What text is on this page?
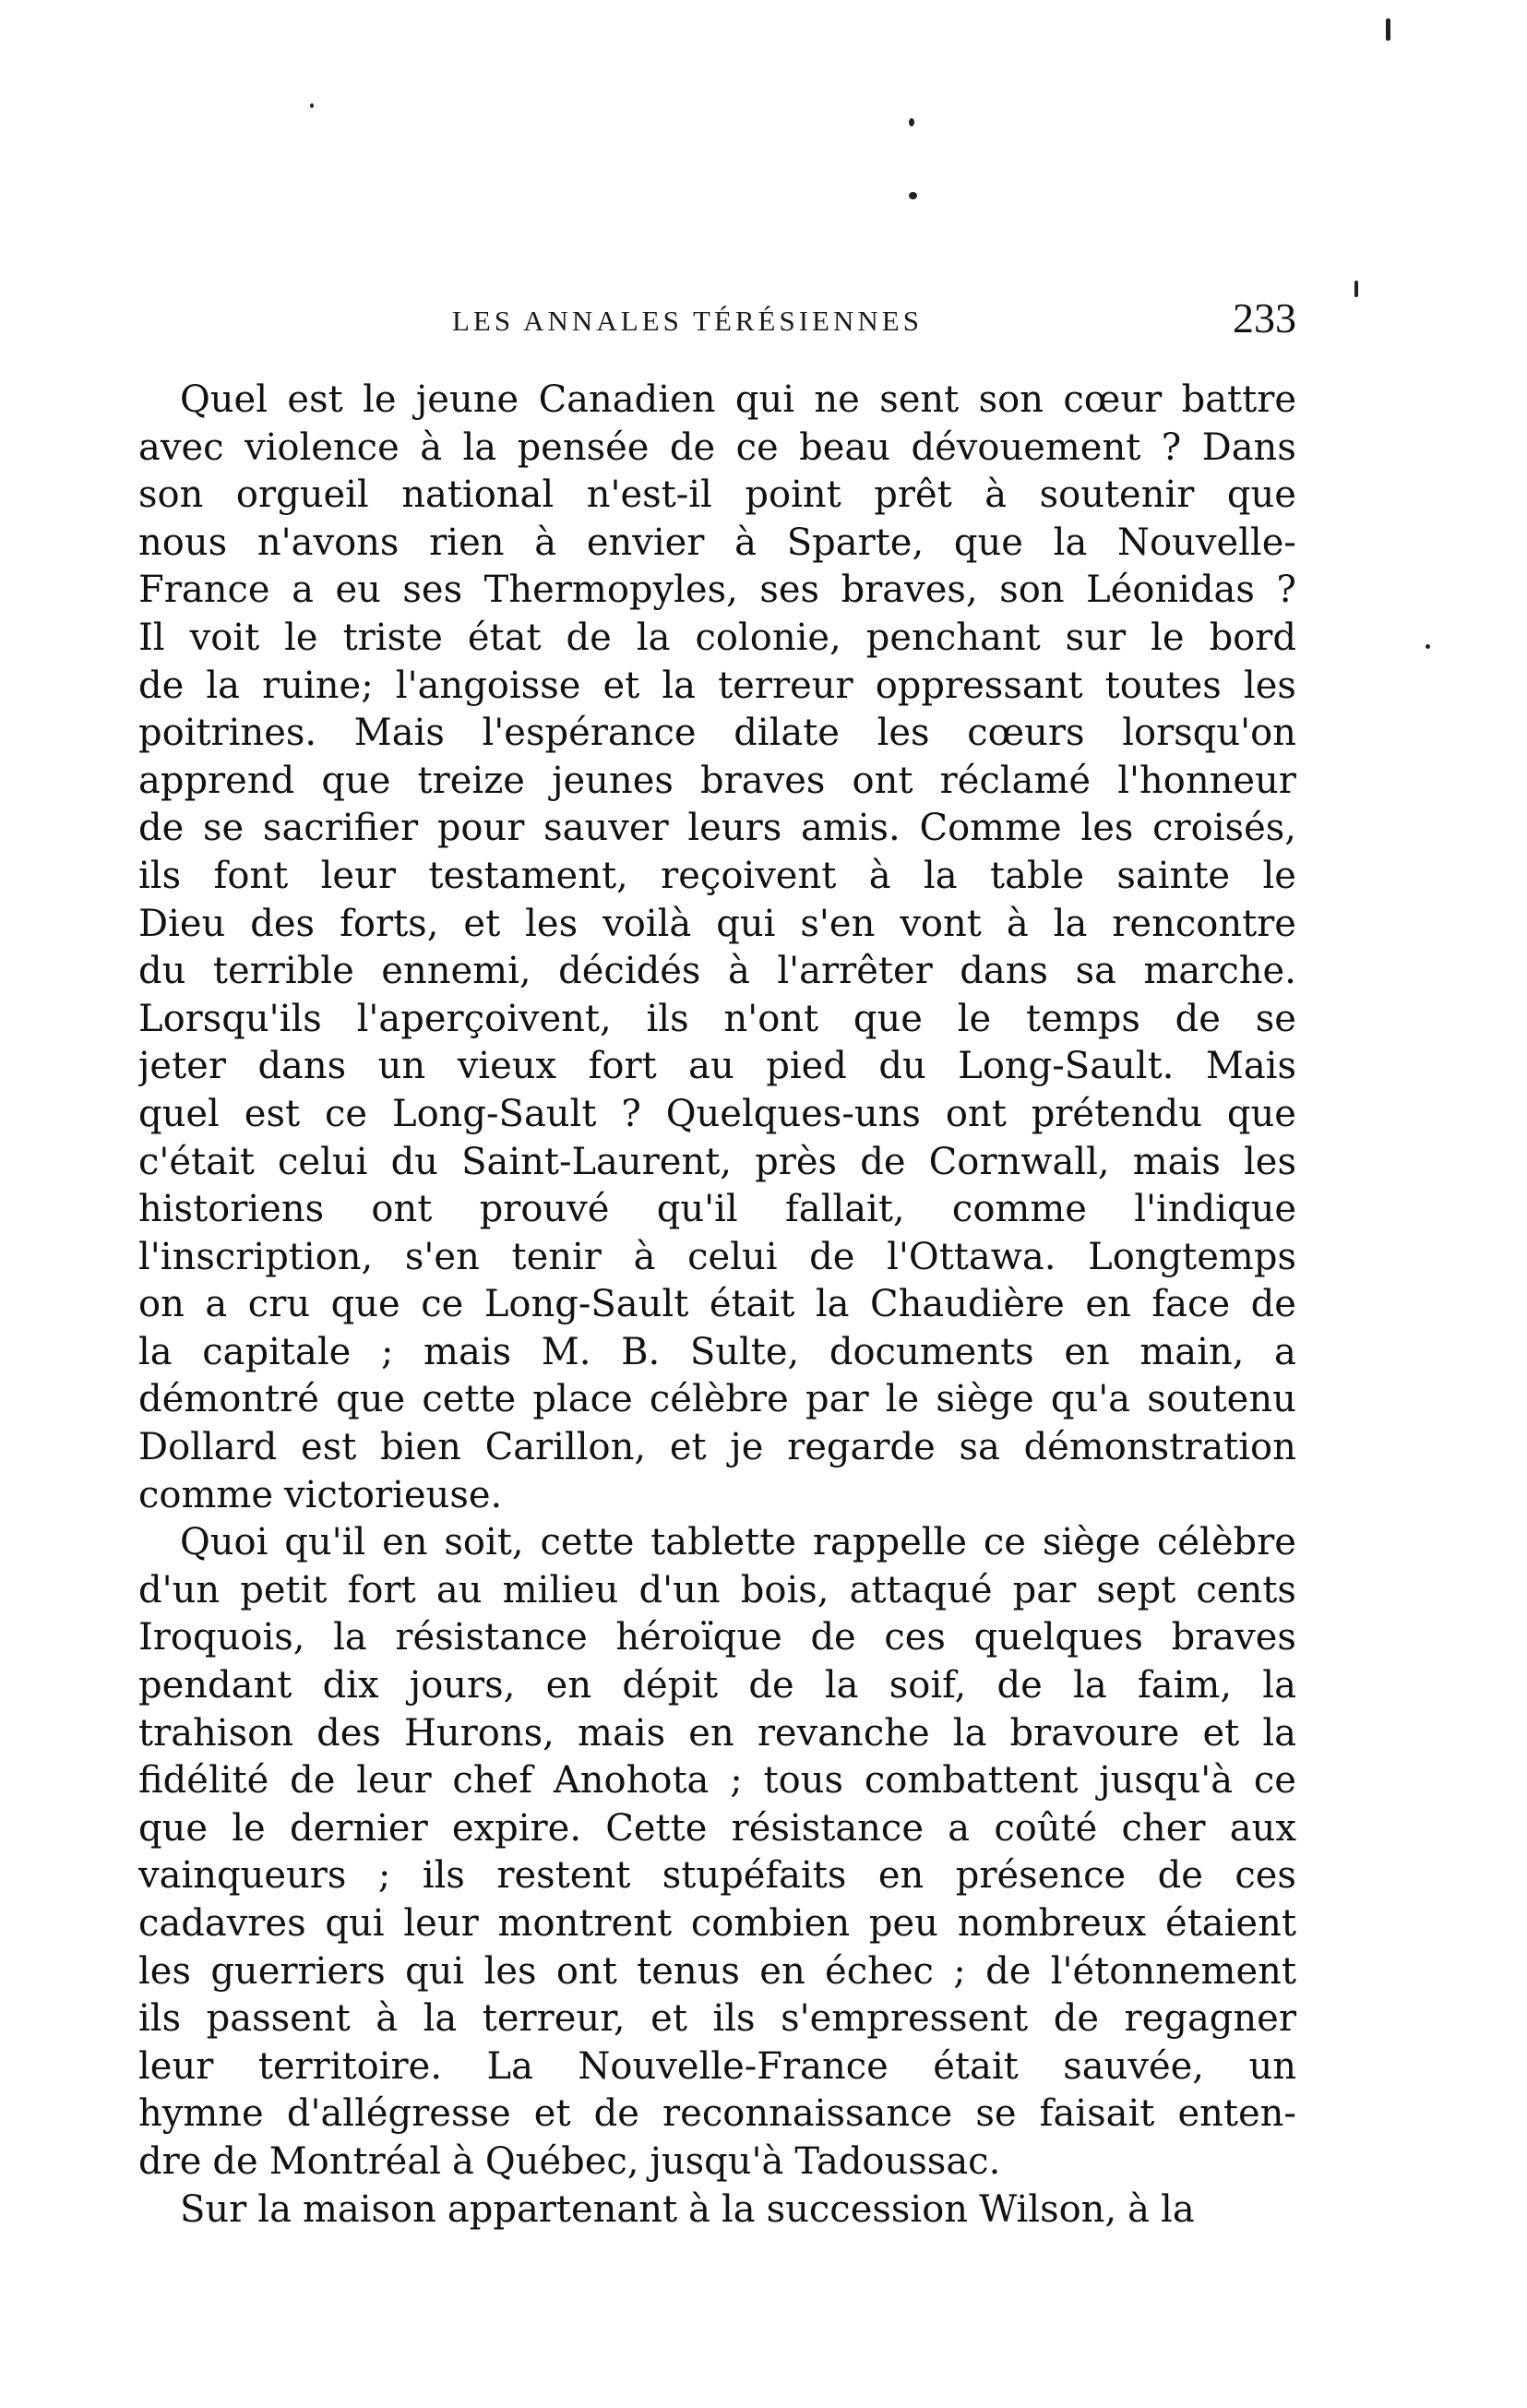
LES ANNALES TÉRÉSIENNES	233
Quel est le jeune Canadien qui ne sent son cœur battre
avec violence à la pensée de ce beau dévouement ? Dans
son orgueil national n'est-il point prêt à soutenir que
nous n'avons rien à envier à Sparte, que la Nouvelle-
France a eu ses Thermopyles, ses braves, son Léonidas ?
Il voit le triste état de la colonie, penchant sur le bord
de la ruine; l'angoisse et la terreur oppressant toutes les
poitrines. Mais l'espérance dilate les cœurs lorsqu'on
apprend que treize jeunes braves ont réclamé l'honneur
de se sacrifier pour sauver leurs amis. Comme les croisés,
ils font leur testament, reçoivent à la table sainte le
Dieu des forts, et les voilà qui s'en vont à la rencontre
du terrible ennemi, décidés à l'arrêter dans sa marche.
Lorsqu'ils l'aperçoivent, ils n'ont que le temps de se
jeter dans un vieux fort au pied du Long-Sault. Mais
quel est ce Long-Sault ? Quelques-uns ont prétendu que
c'était celui du Saint-Laurent, près de Cornwall, mais les
historiens ont prouvé qu'il fallait, comme l'indique
l'inscription, s'en tenir à celui de l'Ottawa. Longtemps
on a cru que ce Long-Sault était la Chaudière en face de
la capitale ; mais M. B. Sulte, documents en main, a
démontré que cette place célèbre par le siège qu'a soutenu
Dollard est bien Carillon, et je regarde sa démonstration
comme victorieuse.
Quoi qu'il en soit, cette tablette rappelle ce siège célèbre
d'un petit fort au milieu d'un bois, attaqué par sept cents
Iroquois, la résistance héroïque de ces quelques braves
pendant dix jours, en dépit de la soif, de la faim, la
trahison des Hurons, mais en revanche la bravoure et la
fidélité de leur chef Anohota ; tous combattent jusqu'à ce
que le dernier expire. Cette résistance a coûté cher aux
vainqueurs ; ils restent stupéfaits en présence de ces
cadavres qui leur montrent combien peu nombreux étaient
les guerriers qui les ont tenus en échec ; de l'étonnement
ils passent à la terreur, et ils s'empressent de regagner
leur territoire. La Nouvelle-France était sauvée, un
hymne d'allégresse et de reconnaissance se faisait enten-
dre de Montréal à Québec, jusqu'à Tadoussac.
Sur la maison appartenant à la succession Wilson, à la
